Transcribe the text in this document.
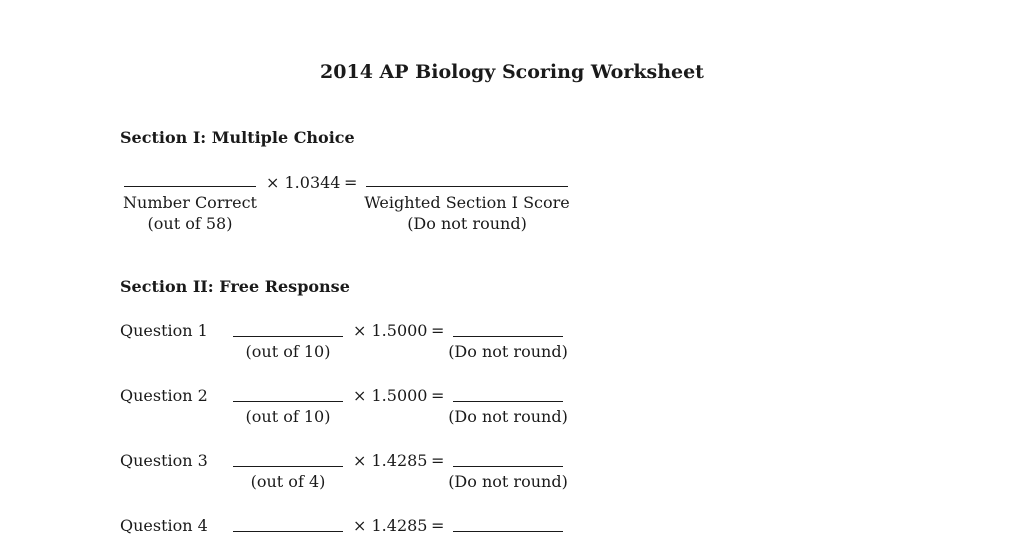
2014 AP Biology Scoring Worksheet
Section I: Multiple Choice
× 1.0344 =
Number Correct
(out of 58)
Weighted Section I Score
(Do not round)
Section II: Free Response
Question 1	× 1.5000 =
(out of 10)	(Do not round)
Question 2	× 1.5000 =
(out of 10)	(Do not round)
Question 3	× 1.4285 =
(out of 4)	(Do not round)
Question 4	× 1.4285 =
